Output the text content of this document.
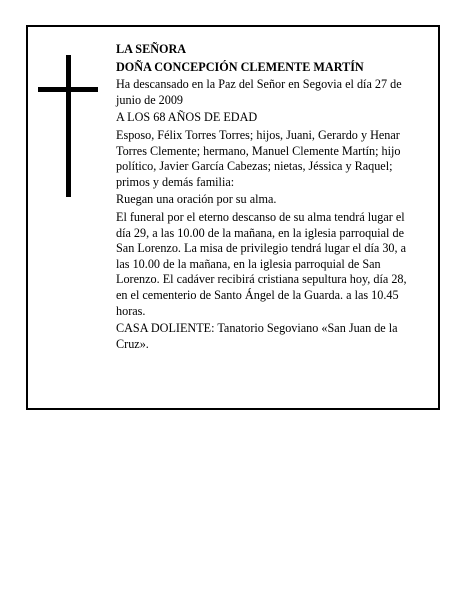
LA SEÑORA

DOÑA CONCEPCIÓN CLEMENTE MARTÍN

Ha descansado en la Paz del Señor en Segovia el día 27 de junio de 2009

A LOS 68 AÑOS DE EDAD

Esposo, Félix Torres Torres; hijos, Juani, Gerardo y Henar Torres Clemente; hermano, Manuel Clemente Martín; hijo político, Javier García Cabezas; nietas, Jéssica y Raquel; primos y demás familia:

Ruegan una oración por su alma.

El funeral por el eterno descanso de su alma tendrá lugar el día 29, a las 10.00 de la mañana, en la iglesia parroquial de San Lorenzo. La misa de privilegio tendrá lugar el día 30, a las 10.00 de la mañana, en la iglesia parroquial de San Lorenzo. El cadáver recibirá cristiana sepultura hoy, día 28, en el cementerio de Santo Ángel de la Guarda. a las 10.45 horas.

CASA DOLIENTE: Tanatorio Segoviano «San Juan de la Cruz».
